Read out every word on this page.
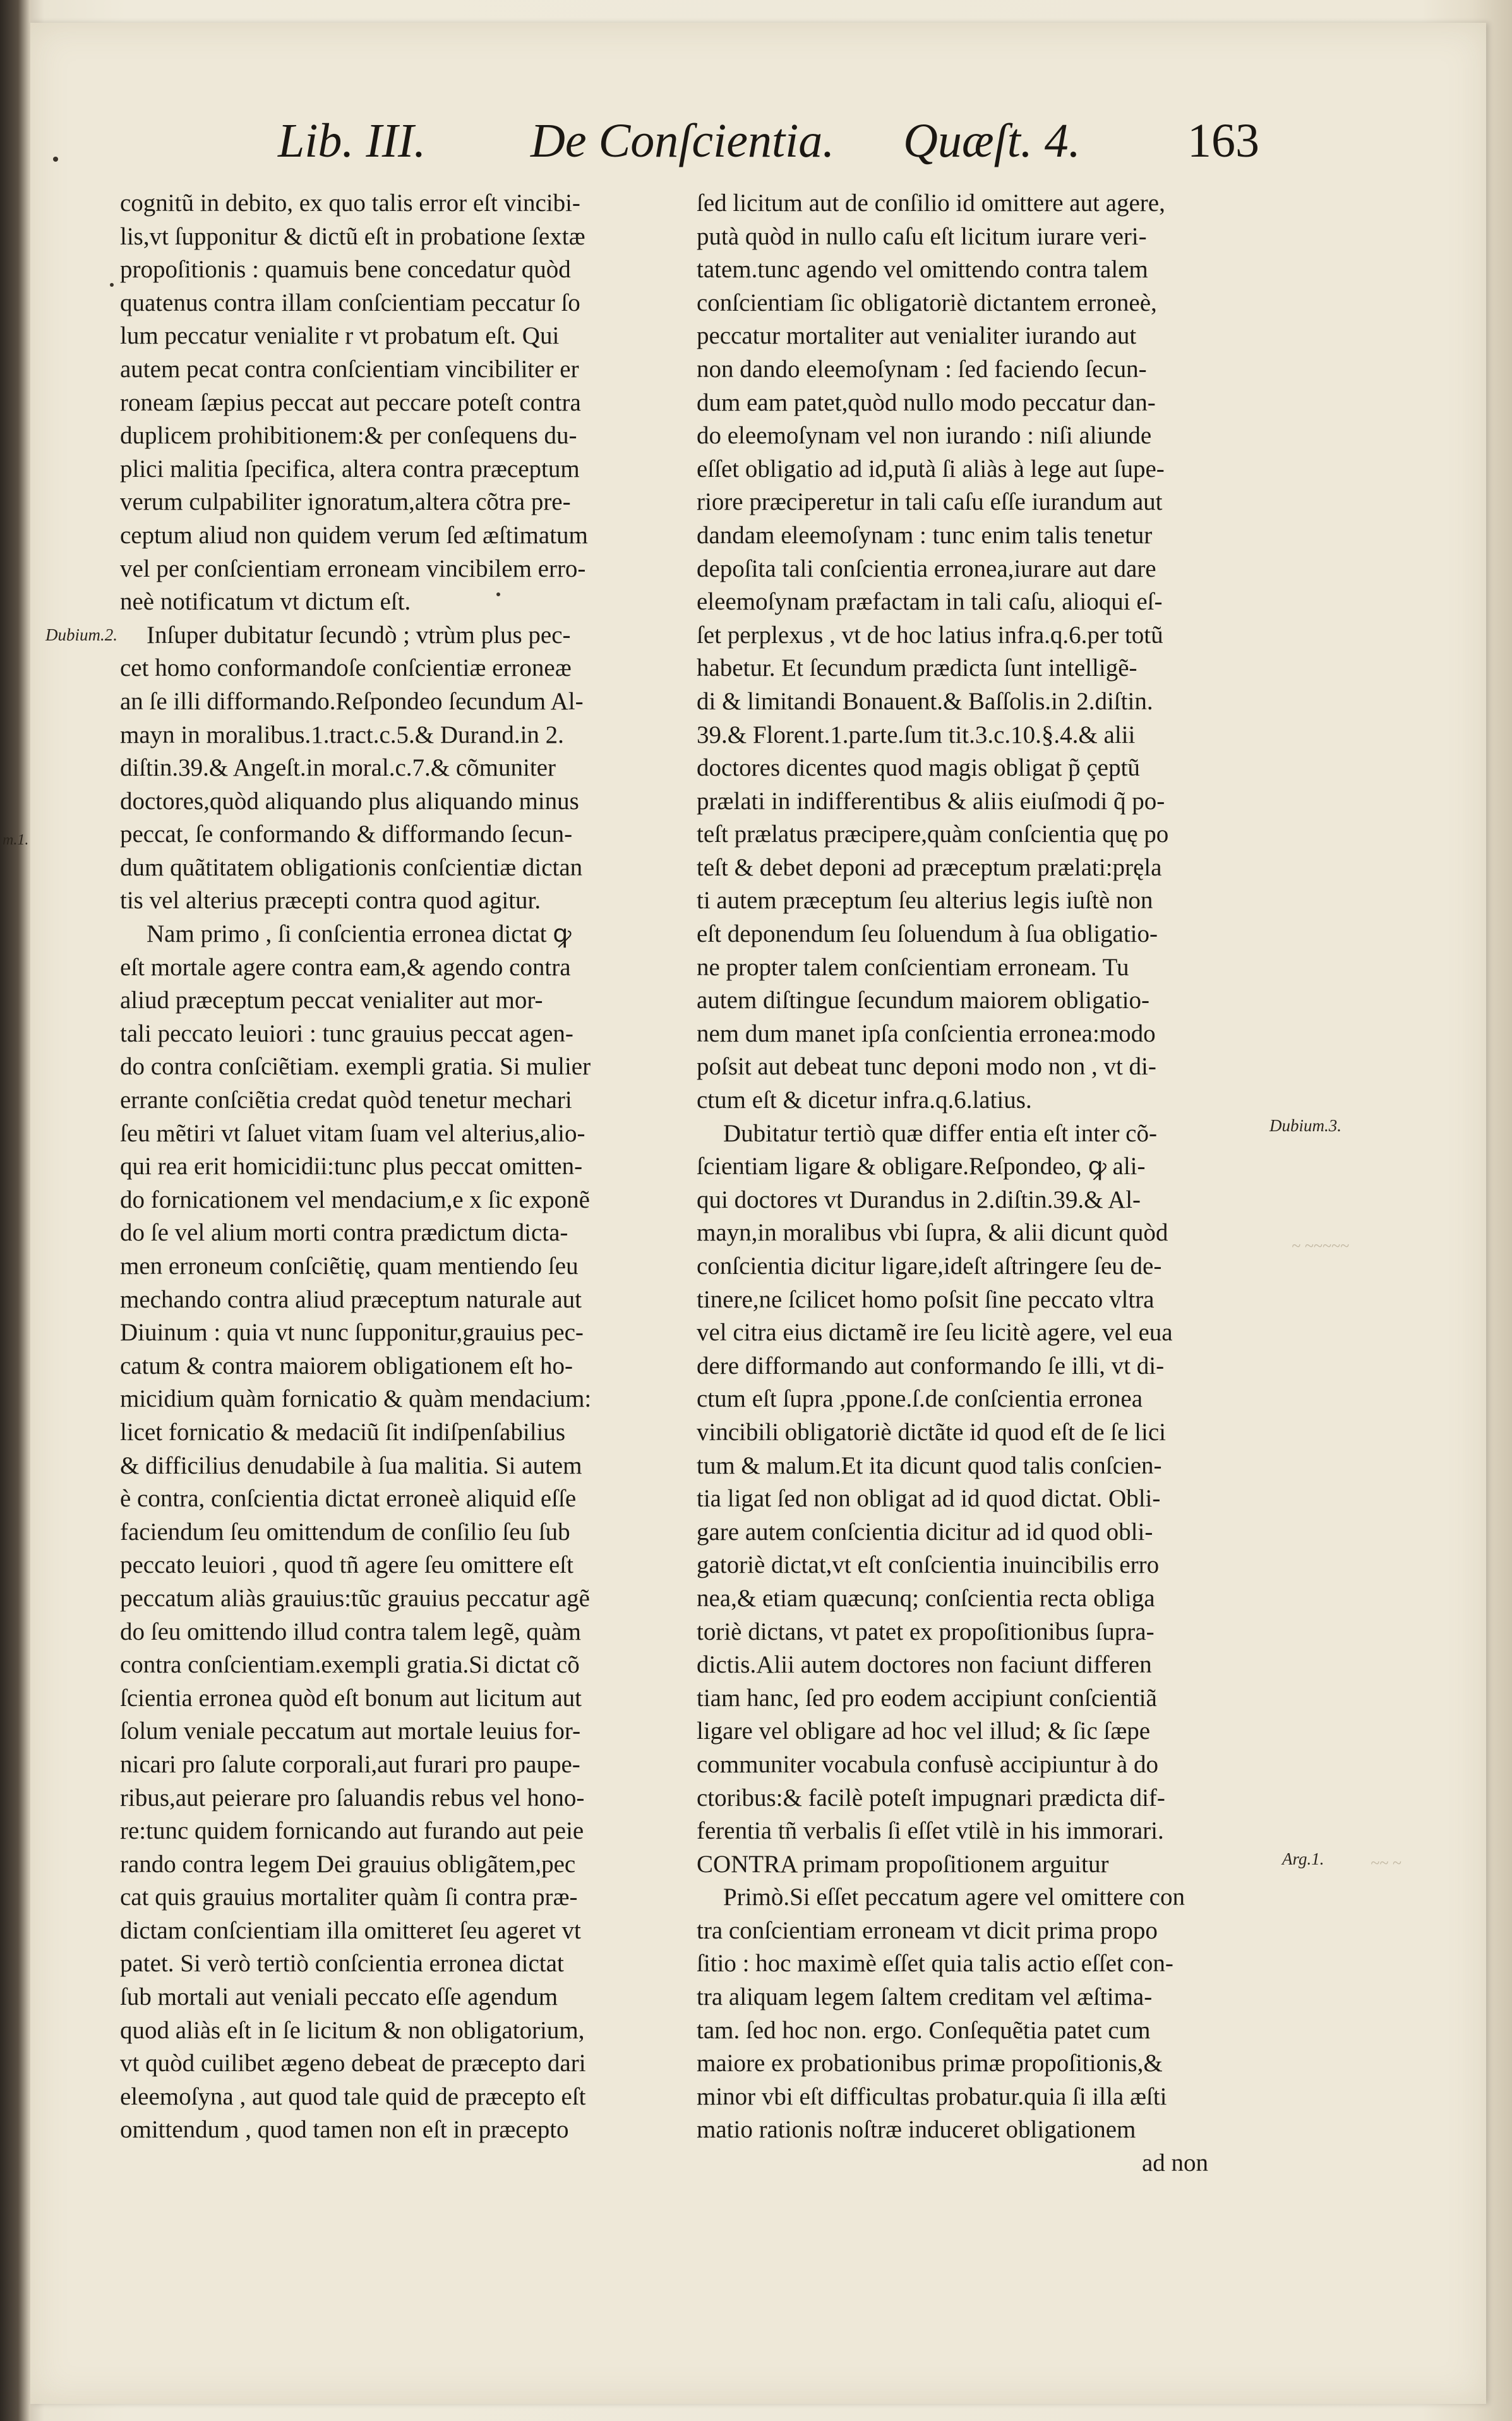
Lib. III. De Conſcientia. Quæſt. 4. 163
Dubium.2.
m.1.
Dubium.3.
Arg.1.
~ ~~~~~
~~ ~
cognitũ in debito, ex quo talis error eſt vincibi-
lis,vt ſupponitur & dictũ eſt in probatione ſextæ
propoſitionis : quamuis bene concedatur quòd
quatenus contra illam conſcientiam peccatur ſo
lum peccatur venialite r vt probatum eſt. Qui
autem pecat contra conſcientiam vincibiliter er
roneam ſæpius peccat aut peccare poteſt contra
duplicem prohibitionem:& per conſequens du-
plici malitia ſpecifica, altera contra præceptum
verum culpabiliter ignoratum,altera cõtra pre-
ceptum aliud non quidem verum ſed æſtimatum
vel per conſcientiam erroneam vincibilem erro-
neè notificatum vt dictum eſt.
Inſuper dubitatur ſecundò ; vtrùm plus pec-
cet homo conformandoſe conſcientiæ erroneæ
an ſe illi difformando.Reſpondeo ſecundum Al-
mayn in moralibus.1.tract.c.5.& Durand.in 2.
diſtin.39.& Angeſt.in moral.c.7.& cõmuniter
doctores,quòd aliquando plus aliquando minus
peccat, ſe conformando & difformando ſecun-
dum quãtitatem obligationis conſcientiæ dictan
tis vel alterius præcepti contra quod agitur.
Nam primo , ſi conſcientia erronea dictat ꝙ
eſt mortale agere contra eam,& agendo contra
aliud præceptum peccat venialiter aut mor-
tali peccato leuiori : tunc grauius peccat agen-
do contra conſciẽtiam. exempli gratia. Si mulier
errante conſciẽtia credat quòd tenetur mechari
ſeu mẽtiri vt ſaluet vitam ſuam vel alterius,alio-
qui rea erit homicidii:tunc plus peccat omitten-
do fornicationem vel mendacium,e x ſic exponẽ
do ſe vel alium morti contra prædictum dicta-
men erroneum conſciẽtię, quam mentiendo ſeu
mechando contra aliud præceptum naturale aut
Diuinum : quia vt nunc ſupponitur,grauius pec-
catum & contra maiorem obligationem eſt ho-
micidium quàm fornicatio & quàm mendacium:
licet fornicatio & medaciũ ſit indiſpenſabilius
& difficilius denudabile à ſua malitia. Si autem
è contra, conſcientia dictat erroneè aliquid eſſe
faciendum ſeu omittendum de conſilio ſeu ſub
peccato leuiori , quod tñ agere ſeu omittere eſt
peccatum aliàs grauius:tũc grauius peccatur agẽ
do ſeu omittendo illud contra talem legẽ, quàm
contra conſcientiam.exempli gratia.Si dictat cõ
ſcientia erronea quòd eſt bonum aut licitum aut
ſolum veniale peccatum aut mortale leuius for-
nicari pro ſalute corporali,aut furari pro paupe-
ribus,aut peierare pro ſaluandis rebus vel hono-
re:tunc quidem fornicando aut furando aut peie
rando contra legem Dei grauius obligãtem,pec
cat quis grauius mortaliter quàm ſi contra præ-
dictam conſcientiam illa omitteret ſeu ageret vt
patet. Si verò tertiò conſcientia erronea dictat
ſub mortali aut veniali peccato eſſe agendum
quod aliàs eſt in ſe licitum & non obligatorium,
vt quòd cuilibet ægeno debeat de præcepto dari
eleemoſyna , aut quod tale quid de præcepto eſt
omittendum , quod tamen non eſt in præcepto
ſed licitum aut de conſilio id omittere aut agere,
putà quòd in nullo caſu eſt licitum iurare veri-
tatem.tunc agendo vel omittendo contra talem
conſcientiam ſic obligatoriè dictantem erroneè,
peccatur mortaliter aut venialiter iurando aut
non dando eleemoſynam : ſed faciendo ſecun-
dum eam patet,quòd nullo modo peccatur dan-
do eleemoſynam vel non iurando : niſi aliunde
eſſet obligatio ad id,putà ſi aliàs à lege aut ſupe-
riore præciperetur in tali caſu eſſe iurandum aut
dandam eleemoſynam : tunc enim talis tenetur
depoſita tali conſcientia erronea,iurare aut dare
eleemoſynam præfactam in tali caſu, alioqui eſ-
ſet perplexus , vt de hoc latius infra.q.6.per totũ
habetur. Et ſecundum prædicta ſunt intelligẽ-
di & limitandi Bonauent.& Baſſolis.in 2.diſtin.
39.& Florent.1.parte.ſum tit.3.c.10.§.4.& alii
doctores dicentes quod magis obligat p̃ çeptũ
prælati in indifferentibus & aliis eiuſmodi q̃ po-
teſt prælatus præcipere,quàm conſcientia quę po
teſt & debet deponi ad præceptum prælati:pręla
ti autem præceptum ſeu alterius legis iuſtè non
eſt deponendum ſeu ſoluendum à ſua obligatio-
ne propter talem conſcientiam erroneam. Tu
autem diſtingue ſecundum maiorem obligatio-
nem dum manet ipſa conſcientia erronea:modo
poſsit aut debeat tunc deponi modo non , vt di-
ctum eſt & dicetur infra.q.6.latius.
Dubitatur tertiò quæ differ entia eſt inter cõ-
ſcientiam ligare & obligare.Reſpondeo, ꝙ ali-
qui doctores vt Durandus in 2.diſtin.39.& Al-
mayn,in moralibus vbi ſupra, & alii dicunt quòd
conſcientia dicitur ligare,ideſt aſtringere ſeu de-
tinere,ne ſcilicet homo poſsit ſine peccato vltra
vel citra eius dictamẽ ire ſeu licitè agere, vel eua
dere difformando aut conformando ſe illi, vt di-
ctum eſt ſupra ,ppone.ſ.de conſcientia erronea
vincibili obligatoriè dictãte id quod eſt de ſe lici
tum & malum.Et ita dicunt quod talis conſcien-
tia ligat ſed non obligat ad id quod dictat. Obli-
gare autem conſcientia dicitur ad id quod obli-
gatoriè dictat,vt eſt conſcientia inuincibilis erro
nea,& etiam quæcunq; conſcientia recta obliga
toriè dictans, vt patet ex propoſitionibus ſupra-
dictis.Alii autem doctores non faciunt differen
tiam hanc, ſed pro eodem accipiunt conſcientiã
ligare vel obligare ad hoc vel illud; & ſic ſæpe
communiter vocabula confusè accipiuntur à do
ctoribus:& facilè poteſt impugnari prædicta dif-
ferentia tñ verbalis ſi eſſet vtilè in his immorari.
CONTRA primam propoſitionem arguitur
Primò.Si eſſet peccatum agere vel omittere con
tra conſcientiam erroneam vt dicit prima propo
ſitio : hoc maximè eſſet quia talis actio eſſet con-
tra aliquam legem ſaltem creditam vel æſtima-
tam. ſed hoc non. ergo. Conſequẽtia patet cum
maiore ex probationibus primæ propoſitionis,&
minor vbi eſt difficultas probatur.quia ſi illa æſti
matio rationis noſtræ induceret obligationem
ad non
